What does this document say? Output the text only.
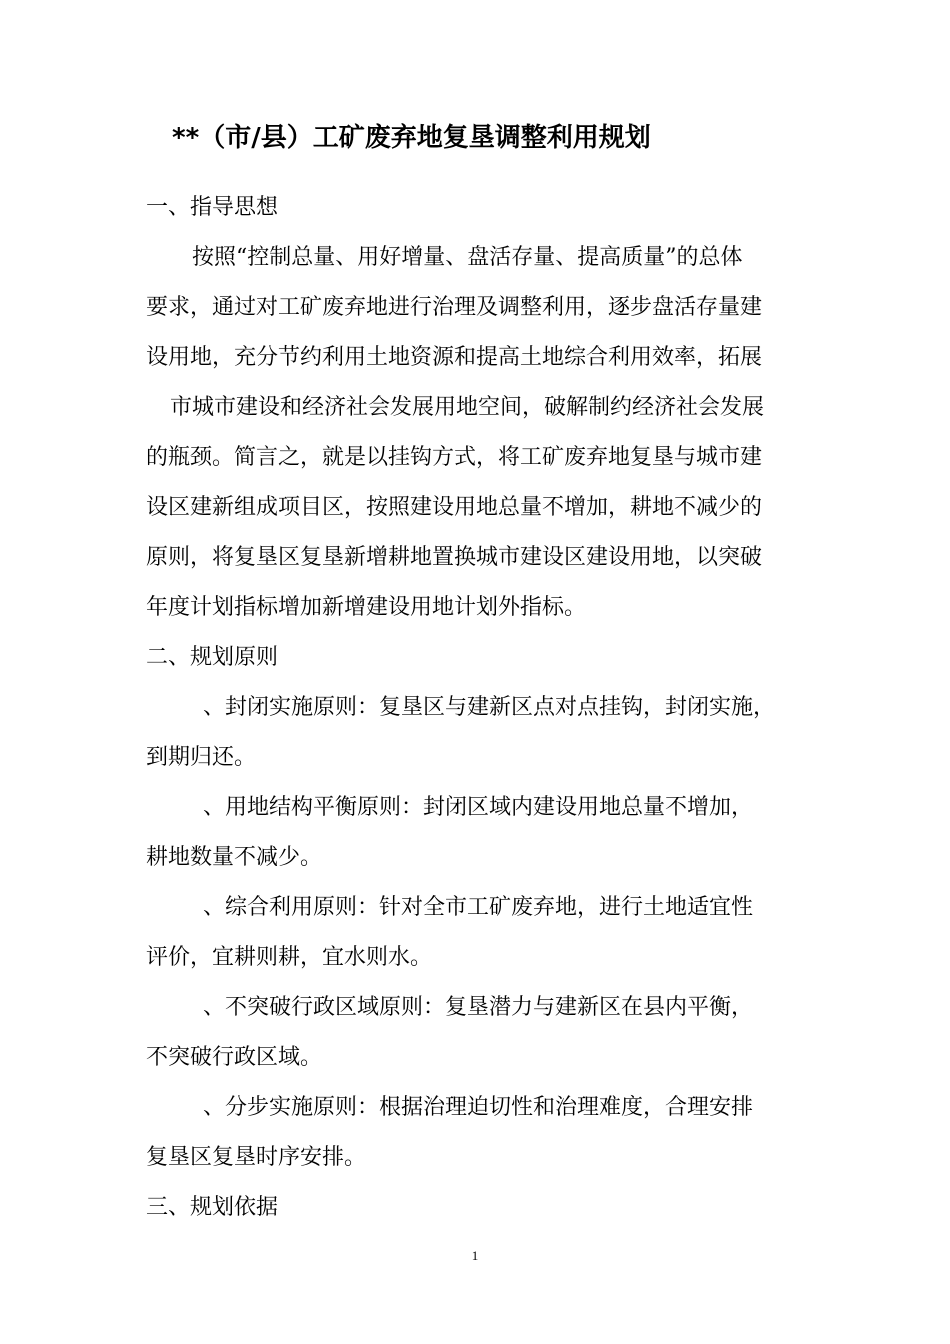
**（市/县）工矿废弃地复垦调整利用规划
一、指导思想
按照“控制总量、用好增量、盘活存量、提高质量”的总体
要求，通过对工矿废弃地进行治理及调整利用，逐步盘活存量建
设用地，充分节约利用土地资源和提高土地综合利用效率，拓展
市城市建设和经济社会发展用地空间，破解制约经济社会发展
的瓶颈。简言之，就是以挂钩方式，将工矿废弃地复垦与城市建
设区建新组成项目区，按照建设用地总量不增加，耕地不减少的
原则，将复垦区复垦新增耕地置换城市建设区建设用地，以突破
年度计划指标增加新增建设用地计划外指标。
二、规划原则
、封闭实施原则：复垦区与建新区点对点挂钩，封闭实施，
到期归还。
、用地结构平衡原则：封闭区域内建设用地总量不增加，
耕地数量不减少。
、综合利用原则：针对全市工矿废弃地，进行土地适宜性
评价，宜耕则耕，宜水则水。
、不突破行政区域原则：复垦潜力与建新区在县内平衡，
不突破行政区域。
、分步实施原则：根据治理迫切性和治理难度，合理安排
复垦区复垦时序安排。
三、规划依据
1
